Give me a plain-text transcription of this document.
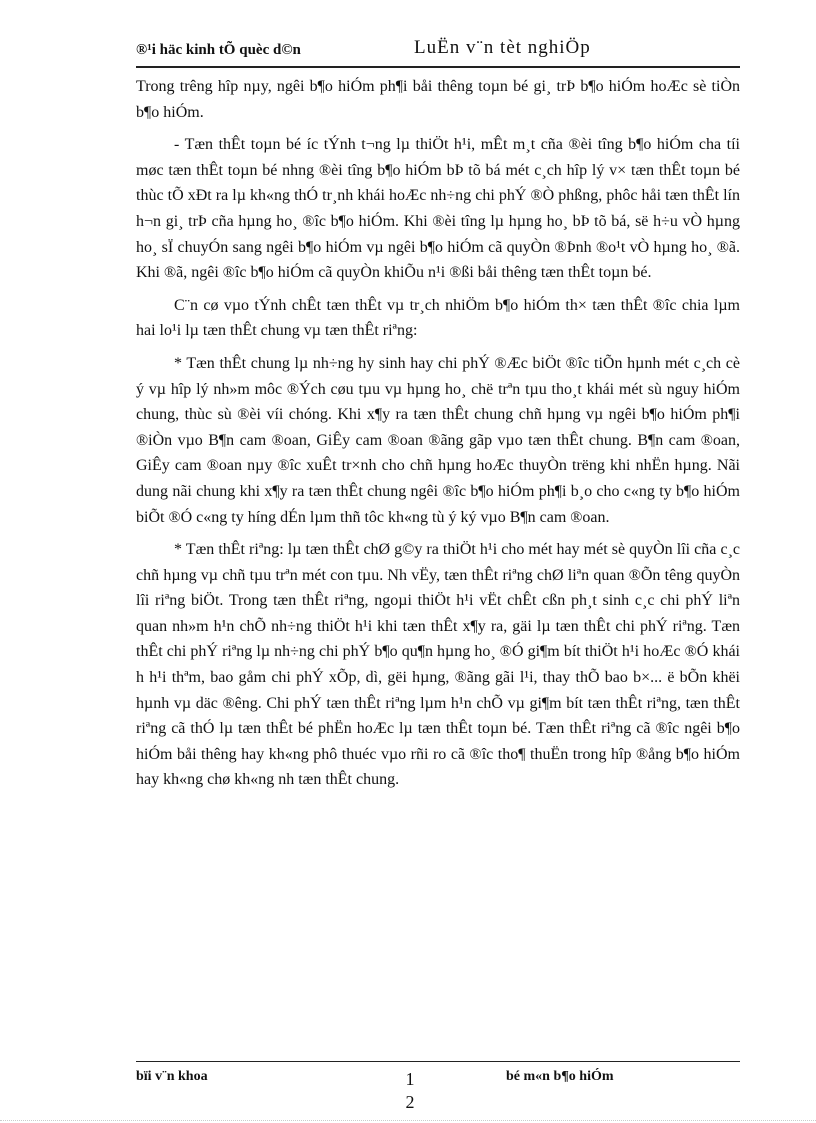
®¹i häc kinh tÕ quèc d©n	LuËn v¨n tèt nghiÖp

Trong trêng hîp nµy, ngêi b¶o hiÓm ph¶i båi thêng toµn bé gi¸ trÞ b¶o hiÓm hoÆc sè tiÒn b¶o hiÓm.

- Tæn thÊt toµn bé íc tÝnh t¬ng lµ thiÖt h¹i, mÊt m¸t cña ®èi tîng b¶o hiÓm cha tíi møc tæn thÊt toµn bé nhng ®èi tîng b¶o hiÓm bÞ tõ bá mét c¸ch hîp lý v× tæn thÊt toµn bé thùc tÕ xÐt ra lµ kh«ng thÓ tr¸nh khái hoÆc nh÷ng chi phÝ ®Ò phßng, phôc håi tæn thÊt lín h¬n gi¸ trÞ cña hµng ho¸ ®îc b¶o hiÓm. Khi ®èi tîng lµ hµng ho¸ bÞ tõ bá, së h÷u vÒ hµng ho¸ sÏ chuyÓn sang ngêi b¶o hiÓm vµ ngêi b¶o hiÓm cã quyÒn ®Þnh ®o¹t vÒ hµng ho¸ ®ã. Khi ®ã, ngêi ®îc b¶o hiÓm cã quyÒn khiÕu n¹i ®ßi båi thêng tæn thÊt toµn bé.

C¨n cø vµo tÝnh chÊt tæn thÊt vµ tr¸ch nhiÖm b¶o hiÓm th× tæn thÊt ®îc chia lµm hai lo¹i lµ tæn thÊt chung vµ tæn thÊt riªng:

* Tæn thÊt chung lµ nh÷ng hy sinh hay chi phÝ ®Æc biÖt ®îc tiÕn hµnh mét c¸ch cè ý vµ hîp lý nh»m môc ®Ých cøu tµu vµ hµng ho¸ chë trªn tµu tho¸t khái mét sù nguy hiÓm chung, thùc sù ®èi víi chóng. Khi x¶y ra tæn thÊt chung chñ hµng vµ ngêi b¶o hiÓm ph¶i ®iÒn vµo B¶n cam ®oan, GiÊy cam ®oan ®ãng gãp vµo tæn thÊt chung. B¶n cam ®oan, GiÊy cam ®oan nµy ®îc xuÊt tr×nh cho chñ hµng hoÆc thuyÒn trëng khi nhËn hµng. Nãi dung nãi chung khi x¶y ra tæn thÊt chung ngêi ®îc b¶o hiÓm ph¶i b¸o cho c«ng ty b¶o hiÓm biÕt ®Ó c«ng ty híng dÉn lµm thñ tôc kh«ng tù ý ký vµo B¶n cam ®oan.

* Tæn thÊt riªng: lµ tæn thÊt chØ g©y ra thiÖt h¹i cho mét hay mét sè quyÒn lîi cña c¸c chñ hµng vµ chñ tµu trªn mét con tµu. Nh vËy, tæn thÊt riªng chØ liªn quan ®Õn têng quyÒn lîi riªng biÖt. Trong tæn thÊt riªng, ngoµi thiÖt h¹i vËt chÊt cßn ph¸t sinh c¸c chi phÝ liªn quan nh»m h¹n chÕ nh÷ng thiÖt h¹i khi tæn thÊt x¶y ra, gäi lµ tæn thÊt chi phÝ riªng. Tæn thÊt chi phÝ riªng lµ nh÷ng chi phÝ b¶o qu¶n hµng ho¸ ®Ó gi¶m bít thiÖt h¹i hoÆc ®Ó khái h h¹i thªm, bao gåm chi phÝ xÕp, dì, gëi hµng, ®ãng gãi l¹i, thay thÕ bao b×... ë bÕn khëi hµnh vµ däc ®êng. Chi phÝ tæn thÊt riªng lµm h¹n chÕ vµ gi¶m bít tæn thÊt riªng, tæn thÊt riªng cã thÓ lµ tæn thÊt bé phËn hoÆc lµ tæn thÊt toµn bé. Tæn thÊt riªng cã ®îc ngêi b¶o hiÓm båi thêng hay kh«ng phô thuéc vµo rñi ro cã ®îc tho¶ thuËn trong hîp ®ång b¶o hiÓm hay kh«ng chø kh«ng nh tæn thÊt chung.

bïi v¨n khoa	1	bé m«n b¶o hiÓm
2
